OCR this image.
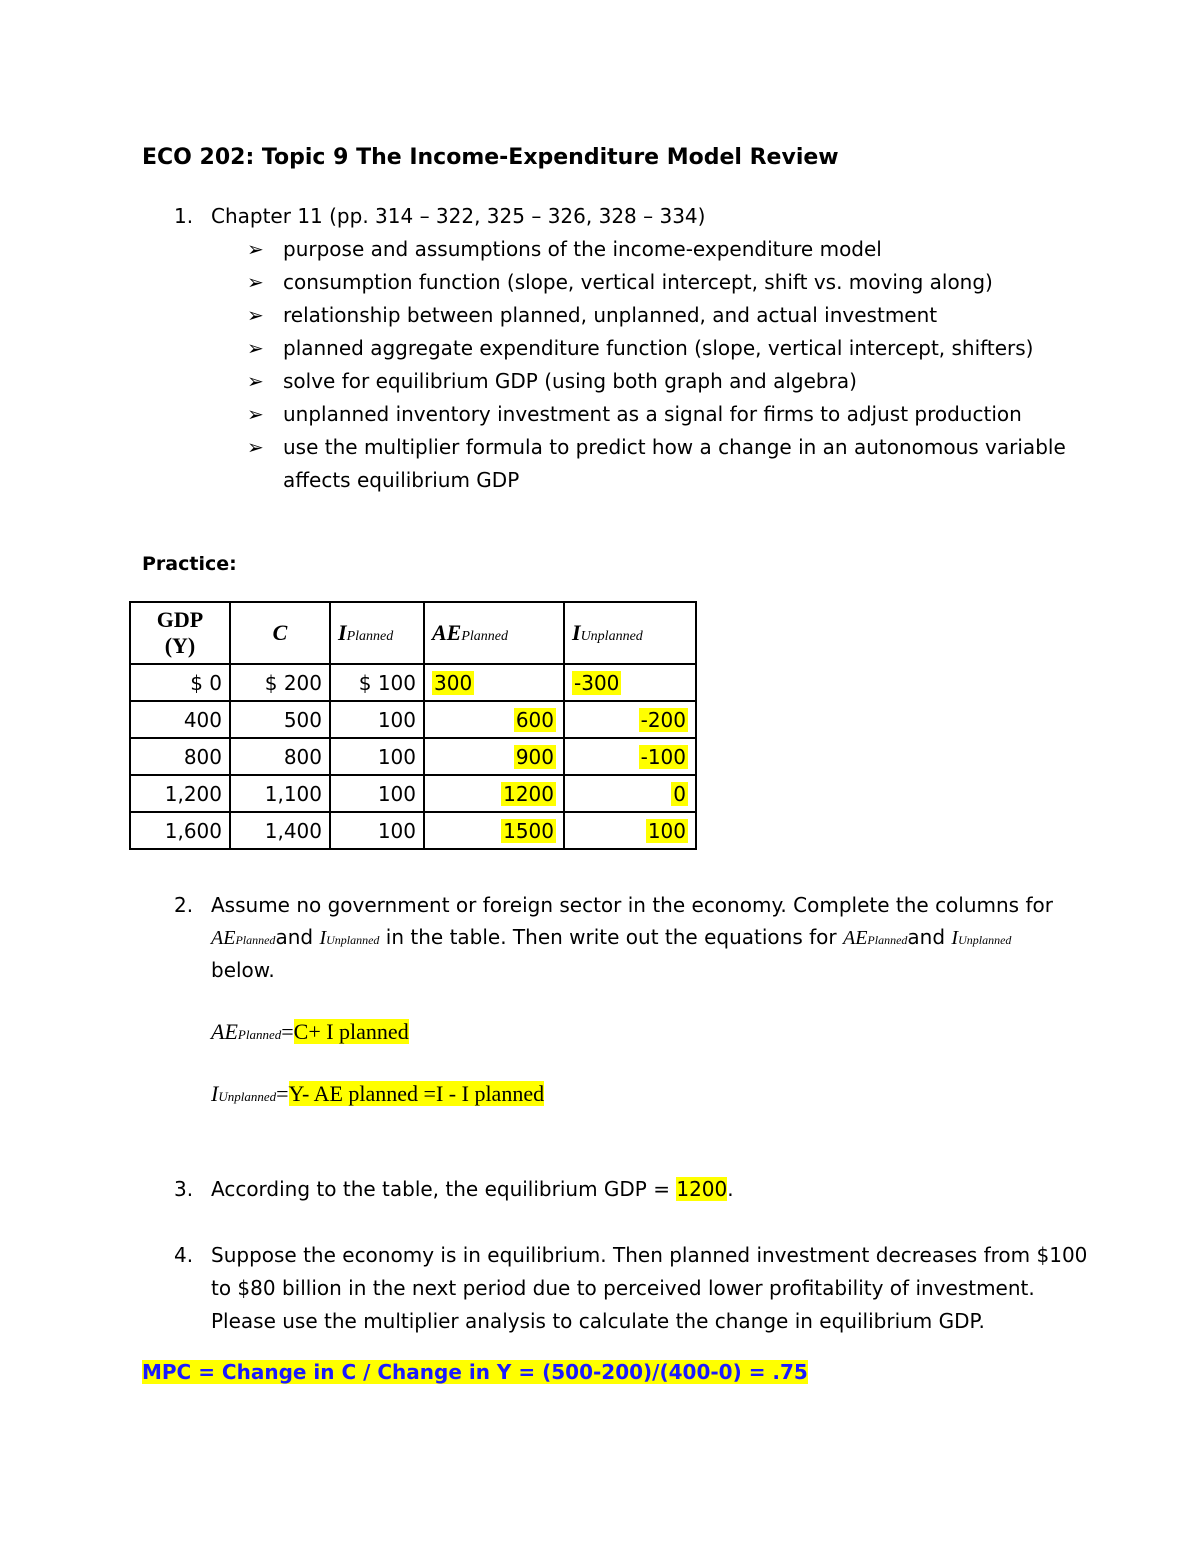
ECO 202: Topic 9 The Income-Expenditure Model Review
1. Chapter 11 (pp. 314 – 322, 325 – 326, 328 – 334)
➢ purpose and assumptions of the income-expenditure model
➢ consumption function (slope, vertical intercept, shift vs. moving along)
➢ relationship between planned, unplanned, and actual investment
➢ planned aggregate expenditure function (slope, vertical intercept, shifters)
➢ solve for equilibrium GDP (using both graph and algebra)
➢ unplanned inventory investment as a signal for firms to adjust production
➢ use the multiplier formula to predict how a change in an autonomous variable
affects equilibrium GDP
Practice:
GDP
(Y)	C	IPlanned	AEPlanned	IUnplanned
$ 0	$ 200	$ 100	300	-300
400	500	100	600	-200
800	800	100	900	-100
1,200	1,100	100	1200	0
1,600	1,400	100	1500	100
2. Assume no government or foreign sector in the economy. Complete the columns for
AEPlannedand IUnplanned in the table. Then write out the equations for AEPlannedand IUnplanned
below.
AEPlanned=C+ I planned
IUnplanned=Y- AE planned =I - I planned
3. According to the table, the equilibrium GDP = 1200.
4. Suppose the economy is in equilibrium. Then planned investment decreases from $100
to $80 billion in the next period due to perceived lower profitability of investment.
Please use the multiplier analysis to calculate the change in equilibrium GDP.
MPC = Change in C / Change in Y = (500-200)/(400-0) = .75
